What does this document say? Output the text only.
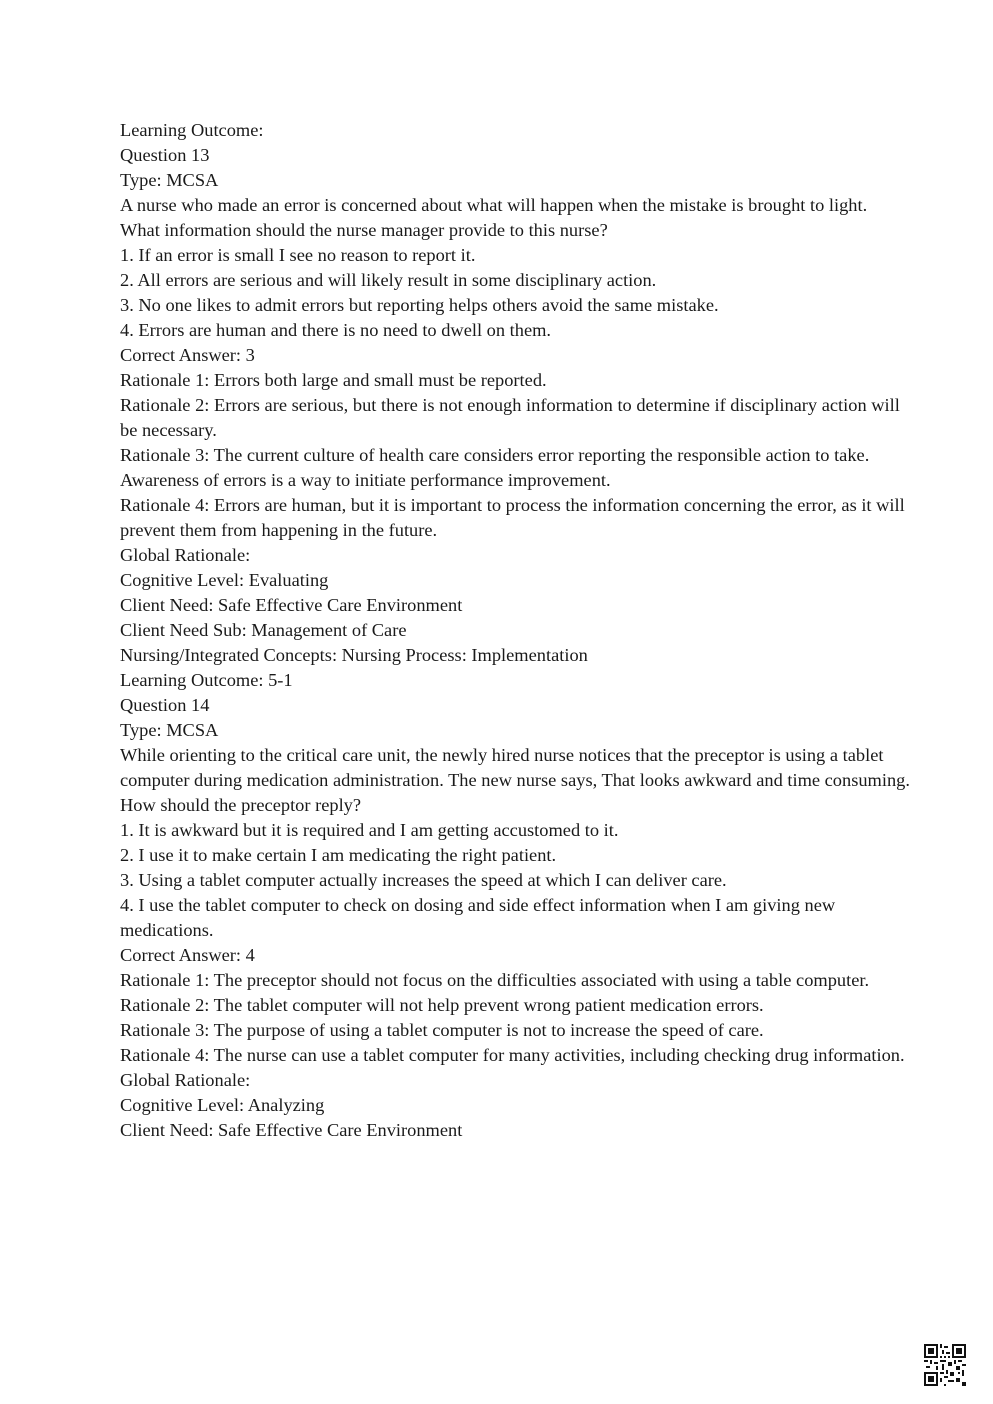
Learning Outcome:

Question 13

Type: MCSA

A nurse who made an error is concerned about what will happen when the mistake is brought to light. What information should the nurse manager provide to this nurse?

1. If an error is small I see no reason to report it.

2. All errors are serious and will likely result in some disciplinary action.

3. No one likes to admit errors but reporting helps others avoid the same mistake.

4. Errors are human and there is no need to dwell on them.

Correct Answer: 3

Rationale 1: Errors both large and small must be reported.

Rationale 2: Errors are serious, but there is not enough information to determine if disciplinary action will be necessary.

Rationale 3: The current culture of health care considers error reporting the responsible action to take. Awareness of errors is a way to initiate performance improvement.

Rationale 4: Errors are human, but it is important to process the information concerning the error, as it will prevent them from happening in the future.

Global Rationale:

Cognitive Level: Evaluating

Client Need: Safe Effective Care Environment

Client Need Sub: Management of Care

Nursing/Integrated Concepts: Nursing Process: Implementation

Learning Outcome: 5-1

Question 14

Type: MCSA

While orienting to the critical care unit, the newly hired nurse notices that the preceptor is using a tablet computer during medication administration. The new nurse says, That looks awkward and time consuming. How should the preceptor reply?

1. It is awkward but it is required and I am getting accustomed to it.

2. I use it to make certain I am medicating the right patient.

3. Using a tablet computer actually increases the speed at which I can deliver care.

4. I use the tablet computer to check on dosing and side effect information when I am giving new medications.

Correct Answer: 4

Rationale 1: The preceptor should not focus on the difficulties associated with using a table computer.

Rationale 2: The tablet computer will not help prevent wrong patient medication errors.

Rationale 3: The purpose of using a tablet computer is not to increase the speed of care.

Rationale 4: The nurse can use a tablet computer for many activities, including checking drug information.

Global Rationale:

Cognitive Level: Analyzing

Client Need: Safe Effective Care Environment
